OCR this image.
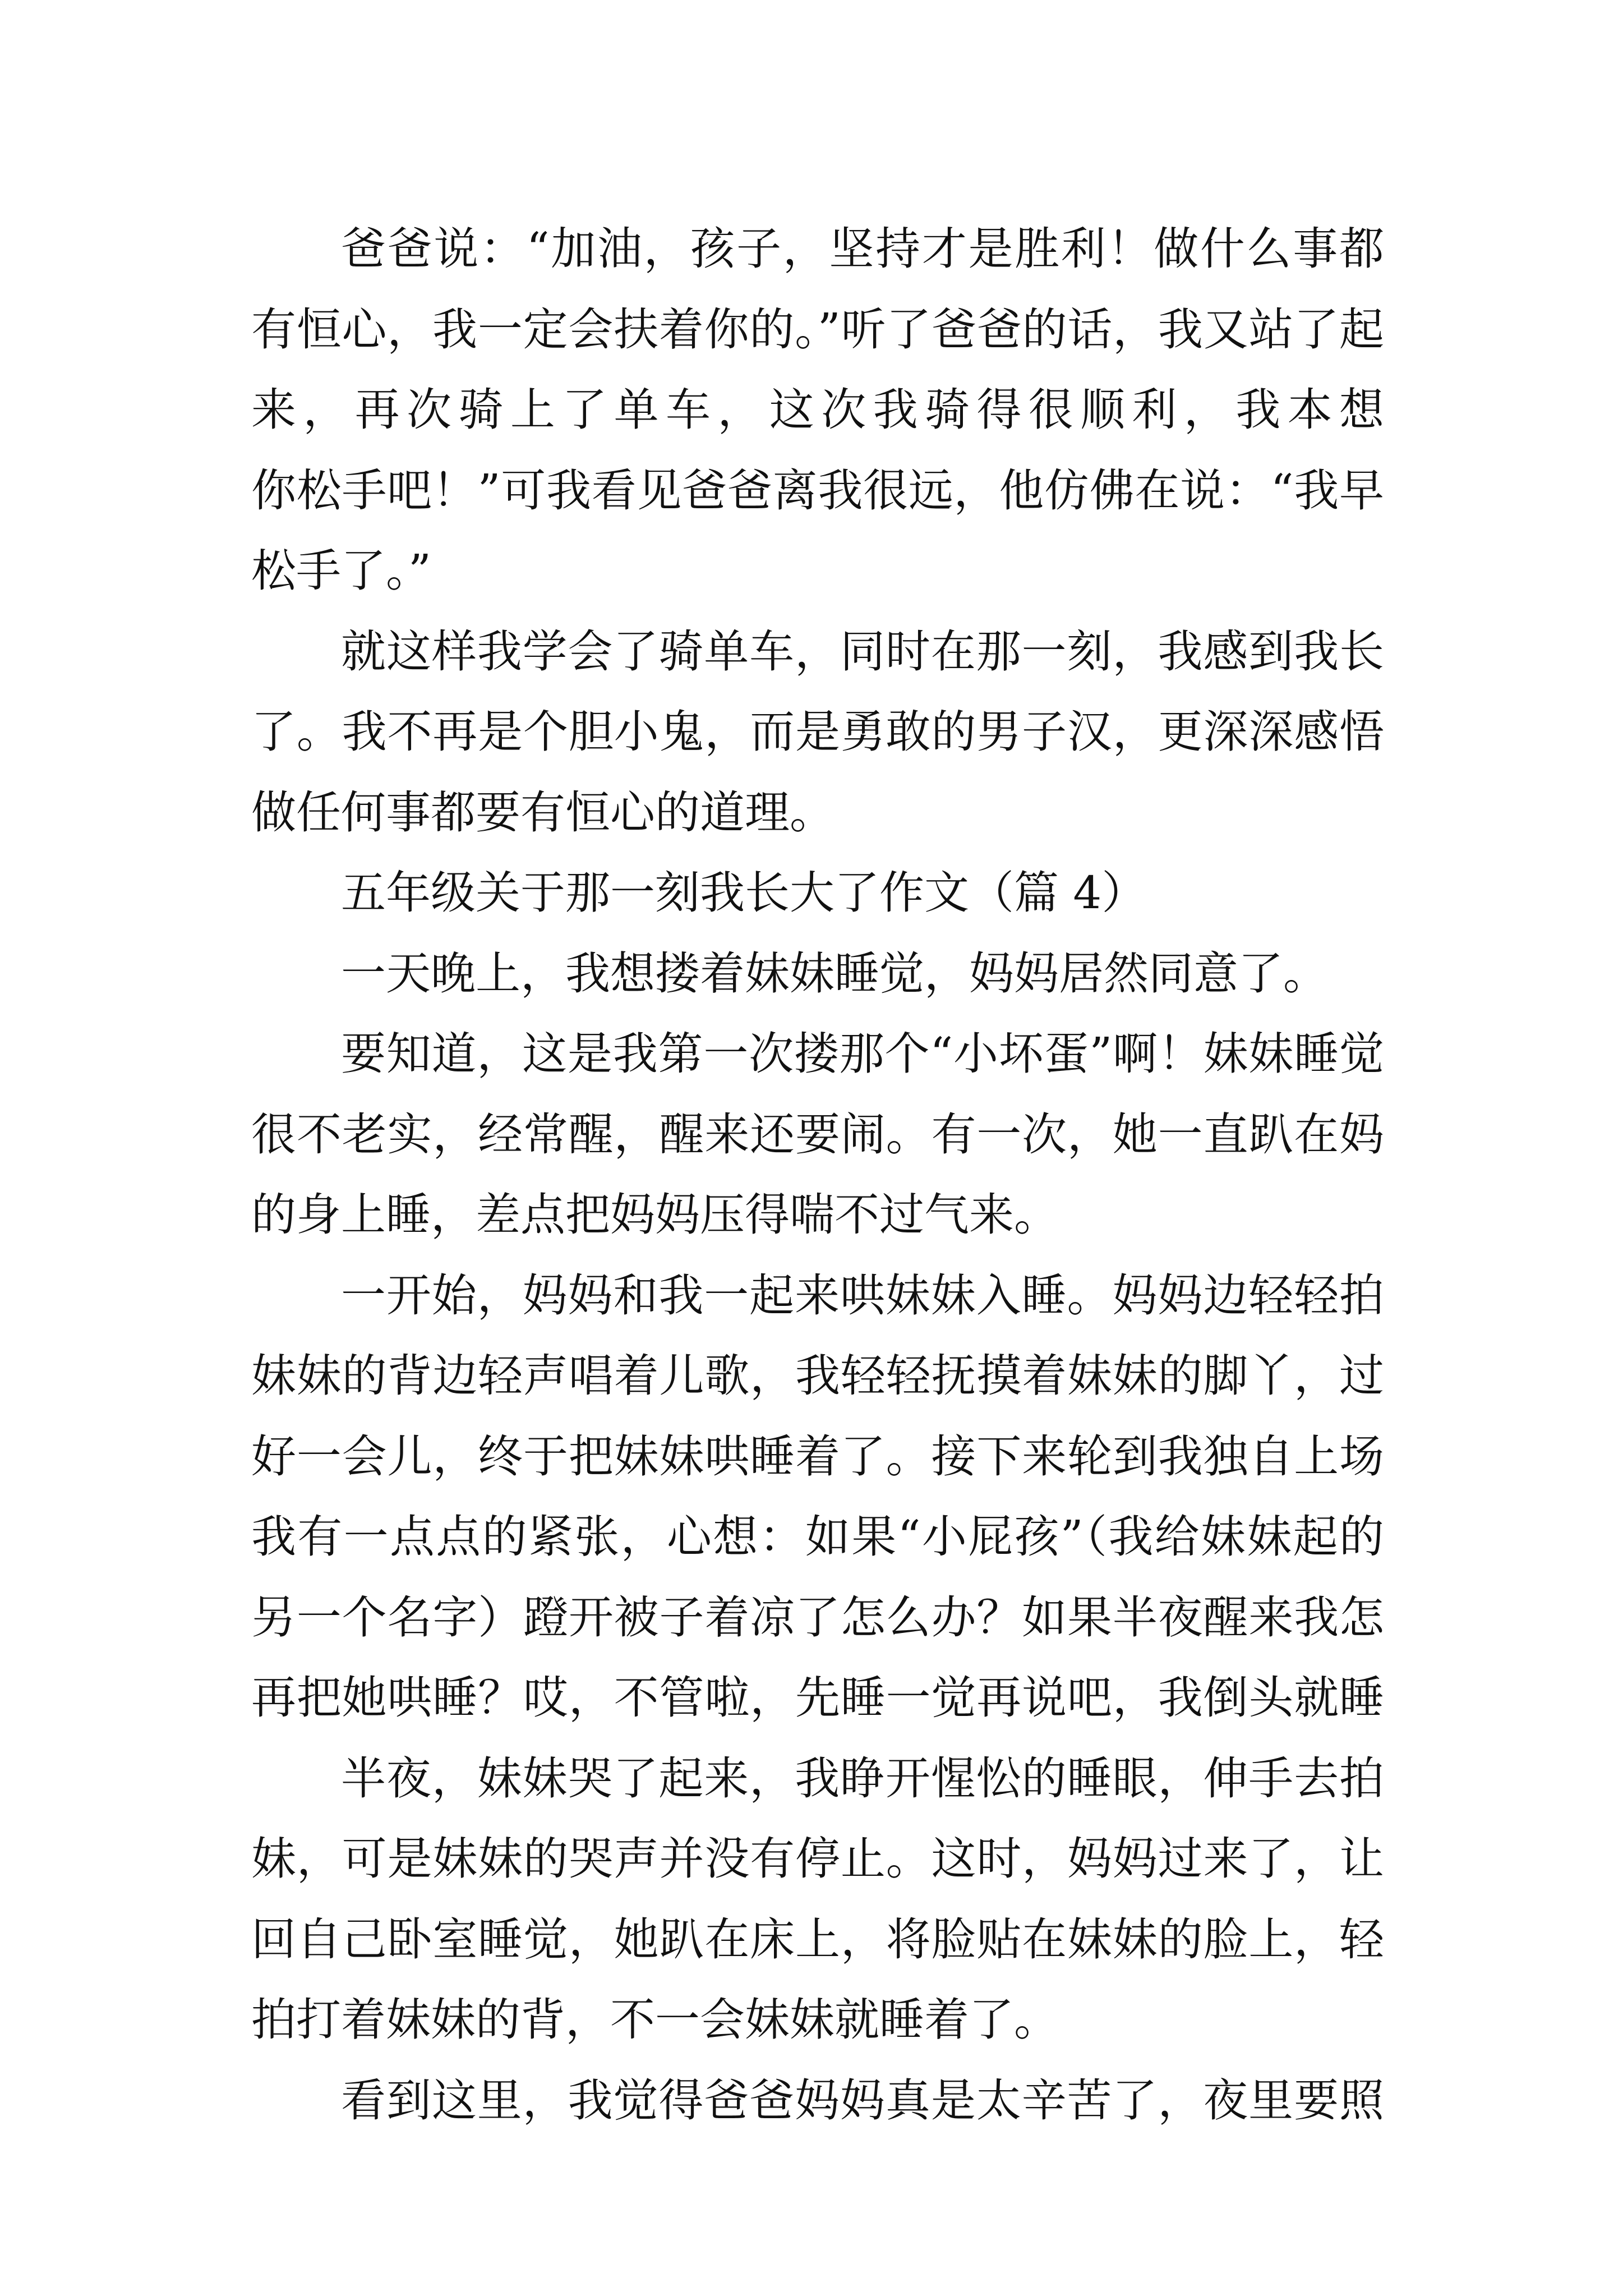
爸爸说：“加油，孩子，坚持才是胜利！做什么事都
有恒心，我一定会扶着你的。”听了爸爸的话，我又站了起
来，再次骑上了单车，这次我骑得很顺利，我本想
你松手吧！”可我看见爸爸离我很远，他仿佛在说：“我早
松手了。”
就这样我学会了骑单车，同时在那一刻，我感到我长
了。我不再是个胆小鬼，而是勇敢的男子汉，更深深感悟
做任何事都要有恒心的道理。
五年级关于那一刻我长大了作文（篇 4）
一天晚上，我想搂着妹妹睡觉，妈妈居然同意了。
要知道，这是我第一次搂那个“小坏蛋”啊！妹妹睡觉
很不老实，经常醒，醒来还要闹。有一次，她一直趴在妈
的身上睡，差点把妈妈压得喘不过气来。
一开始，妈妈和我一起来哄妹妹入睡。妈妈边轻轻拍
妹妹的背边轻声唱着儿歌，我轻轻抚摸着妹妹的脚丫，过
好一会儿，终于把妹妹哄睡着了。接下来轮到我独自上场
我有一点点的紧张，心想：如果“小屁孩”（我给妹妹起的
另一个名字）蹬开被子着凉了怎么办？如果半夜醒来我怎
再把她哄睡？哎，不管啦，先睡一觉再说吧，我倒头就睡
半夜，妹妹哭了起来，我睁开惺忪的睡眼，伸手去拍
妹，可是妹妹的哭声并没有停止。这时，妈妈过来了，让
回自己卧室睡觉，她趴在床上，将脸贴在妹妹的脸上，轻
拍打着妹妹的背，不一会妹妹就睡着了。
看到这里，我觉得爸爸妈妈真是太辛苦了，夜里要照
